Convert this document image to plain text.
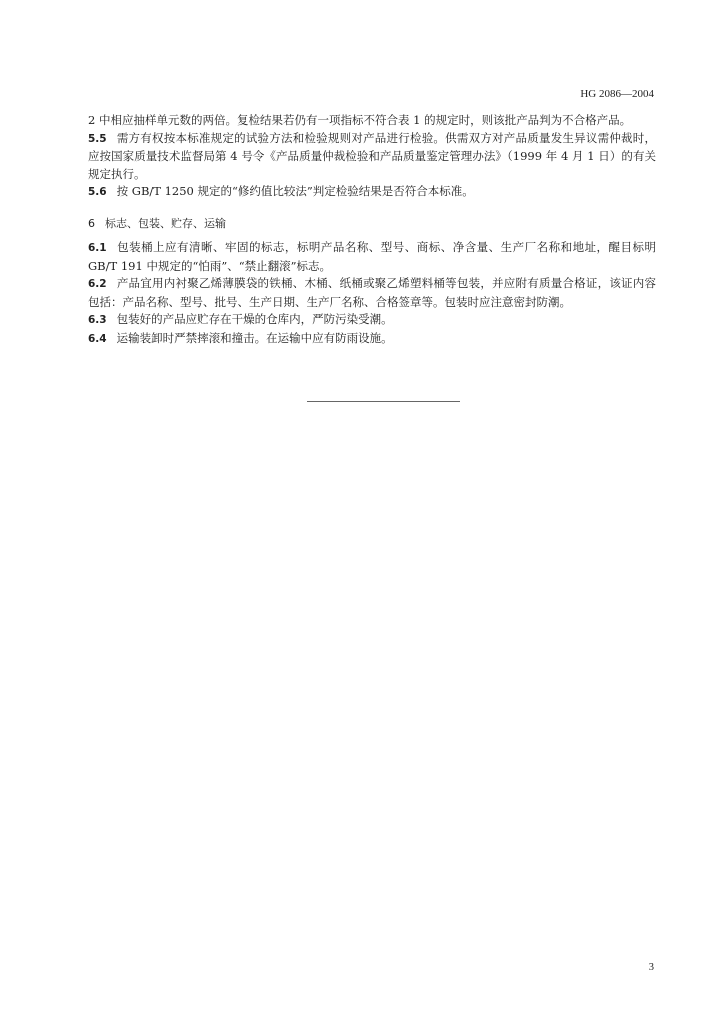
HG 2086—2004

2 中相应抽样单元数的两倍。复检结果若仍有一项指标不符合表 1 的规定时，则该批产品判为不合格产品。

5.5 需方有权按本标准规定的试验方法和检验规则对产品进行检验。供需双方对产品质量发生异议需仲裁时，应按国家质量技术监督局第 4 号令《产品质量仲裁检验和产品质量鉴定管理办法》（1999 年 4 月 1 日）的有关规定执行。

5.6 按 GB/T 1250 规定的“修约值比较法”判定检验结果是否符合本标准。

6 标志、包装、贮存、运输

6.1 包装桶上应有清晰、牢固的标志，标明产品名称、型号、商标、净含量、生产厂名称和地址，醒目标明 GB/T 191 中规定的“怕雨”、“禁止翻滚”标志。

6.2 产品宜用内衬聚乙烯薄膜袋的铁桶、木桶、纸桶或聚乙烯塑料桶等包装，并应附有质量合格证，该证内容包括：产品名称、型号、批号、生产日期、生产厂名称、合格签章等。包装时应注意密封防潮。

6.3 包装好的产品应贮存在干燥的仓库内，严防污染受潮。

6.4 运输装卸时严禁摔滚和撞击。在运输中应有防雨设施。

3
